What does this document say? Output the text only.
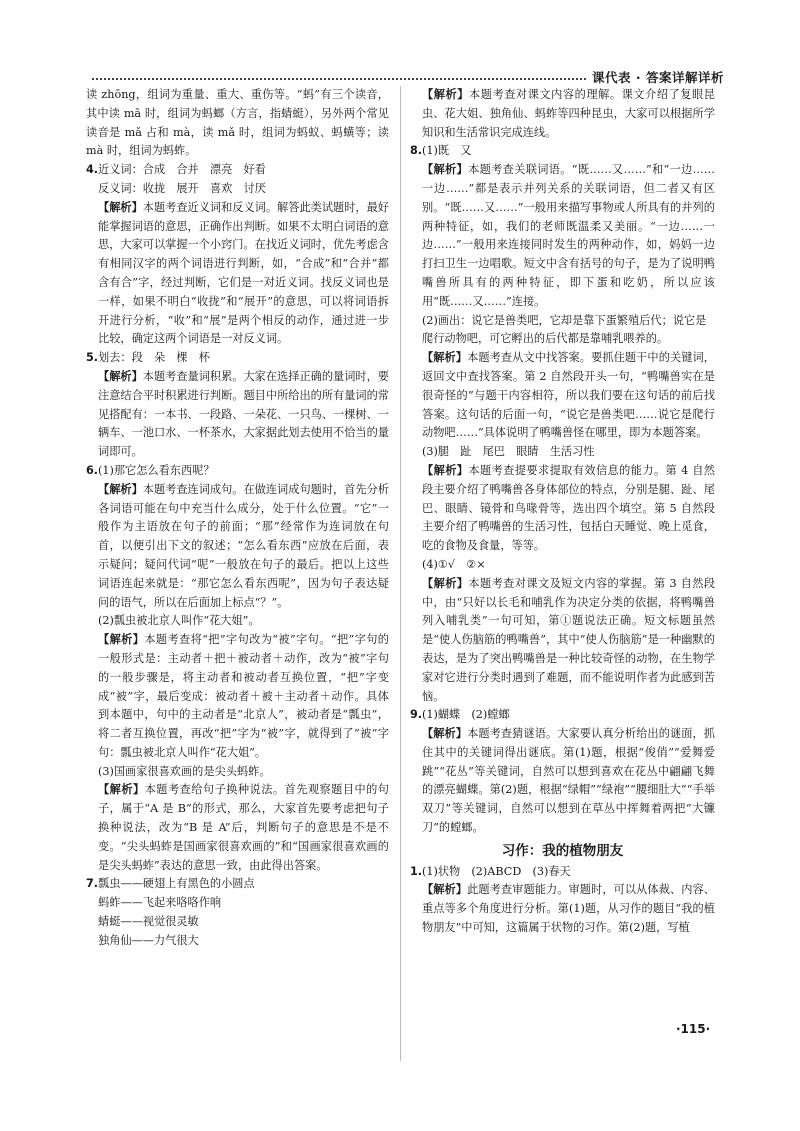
课代表 · 答案详解详析

读 zhōng，组词为重量、重大、重伤等。“蚂”有三个读音，其中读 mā 时，组词为蚂螂（方言，指蜻蜓），另外两个常见读音是 mǎ 占和 mà，读 mǎ 时，组词为蚂蚁、蚂蟥等；读 mà 时，组词为蚂蚱。

4. 近义词：合成　合并　漂亮　好看

反义词：收拢　展开　喜欢　讨厌

【解析】本题考查近义词和反义词。解答此类试题时，最好能掌握词语的意思，正确作出判断。如果不太明白词语的意思，大家可以掌握一个小窍门。在找近义词时，优先考虑含有相同汉字的两个词语进行判断，如，“合成”和“合并”都含有合”字，经过判断，它们是一对近义词。找反义词也是一样，如果不明白“收拢”和“展开”的意思，可以将词语拆开进行分析，“收”和“展”是两个相反的动作，通过进一步比较，确定这两个词语是一对反义词。

5. 划去：段　朵　棵　杯

【解析】本题考查量词积累。大家在选择正确的量词时，要注意结合平时积累进行判断。题目中所给出的所有量词的常见搭配有：一本书、一段路、一朵花、一只鸟、一棵树、一辆车、一池口水、一杯茶水，大家据此划去使用不恰当的量词即可。

6. (1)那它怎么看东西呢？

【解析】本题考查连词成句。在做连词成句题时，首先分析各词语可能在句中充当什么成分，处于什么位置。“它”一般作为主语放在句子的前面；“那”经常作为连词放在句首，以便引出下文的叙述；“怎么看东西”应放在后面，表示疑问；疑问代词“呢”一般放在句子的最后。把以上这些词语连起来就是：“那它怎么看东西呢”，因为句子表达疑问的语气，所以在后面加上标点“？”。

(2)瓢虫被北京人叫作“花大姐”。

【解析】本题考查将“把”字句改为“被”字句。“把”字句的一般形式是：主动者＋把＋被动者＋动作，改为“被”字句的一般步骤是，将主动者和被动者互换位置，“把”字变成“被”字，最后变成：被动者＋被＋主动者＋动作。具体到本题中，句中的主动者是“北京人”，被动者是“瓢虫”，将二者互换位置，再改“把”字为“被”字，就得到了“被”字句：瓢虫被北京人叫作“花大姐”。

(3)国画家很喜欢画的是尖头蚂蚱。

【解析】本题考查给句子换种说法。首先观察题目中的句子，属于“A 是 B”的形式，那么，大家首先要考虑把句子换种说法，改为“B 是 A”后，判断句子的意思是不是不变。“尖头蚂蚱是国画家很喜欢画的”和“国画家很喜欢画的是尖头蚂蚱”表达的意思一致，由此得出答案。

7. 瓢虫——硬翅上有黑色的小圆点

蚂蚱——飞起来咯咯作响

蜻蜓——视觉很灵敏

独角仙——力气很大

【解析】本题考查对课文内容的理解。课文介绍了复眼昆虫、花大姐、独角仙、蚂蚱等四种昆虫，大家可以根据所学知识和生活常识完成连线。

8. (1)既　又

【解析】本题考查关联词语。“既……又……”和“一边……一边……”都是表示并列关系的关联词语，但二者又有区别。“既……又……”一般用来描写事物或人所具有的并列的两种特征，如，我们的老师既温柔又美丽。“一边……一边……”一般用来连接同时发生的两种动作，如，妈妈一边打扫卫生一边唱歌。短文中含有括号的句子，是为了说明鸭嘴兽所具有的两种特征，即下蛋和吃奶，所以应该用“既……又……”连接。

(2)画出：说它是兽类吧，它却是靠下蛋繁殖后代；说它是爬行动物吧，可它孵出的后代都是靠哺乳喂养的。

【解析】本题考查从文中找答案。要抓住题干中的关键词，返回文中查找答案。第 2 自然段开头一句，“鸭嘴兽实在是很奇怪的”与题干内容相符，所以我们要在这句话的前后找答案。这句话的后面一句，“说它是兽类吧……说它是爬行动物吧……”具体说明了鸭嘴兽怪在哪里，即为本题答案。

(3)腿　趾　尾巴　眼睛　生活习性

【解析】本题考查提要求提取有效信息的能力。第 4 自然段主要介绍了鸭嘴兽各身体部位的特点，分别是腿、趾、尾巴、眼睛、镜骨和鸟喙骨等，选出四个填空。第 5 自然段主要介绍了鸭嘴兽的生活习性，包括白天睡觉、晚上觅食，吃的食物及食量，等等。

(4)①√　②×

【解析】本题考查对课文及短文内容的掌握。第 3 自然段中，由“只好以长毛和哺乳作为决定分类的依据，将鸭嘴兽列入哺乳类”一句可知，第①题说法正确。短文标题虽然是“使人伤脑筋的鸭嘴兽”，其中“使人伤脑筋”是一种幽默的表达，是为了突出鸭嘴兽是一种比较奇怪的动物，在生物学家对它进行分类时遇到了难题，而不能说明作者为此感到苦恼。

9. (1)蝴蝶　(2)螳螂

【解析】本题考查猜谜语。大家要认真分析给出的谜面，抓住其中的关键词得出谜底。第(1)题，根据“俊俏”“爱舞爱跳”“花丛”等关键词，自然可以想到喜欢在花丛中翩翩飞舞的漂亮蝴蝶。第(2)题，根据“绿帽”“绿袍”“腰细肚大”“手举双刀”等关键词，自然可以想到在草丛中挥舞着两把“大镰刀”的螳螂。

习作：我的植物朋友
1. (1)状物　(2)ABCD　(3)春天

【解析】此题考查审题能力。审题时，可以从体裁、内容、重点等多个角度进行分析。第(1)题，从习作的题目“我的植物朋友”中可知，这篇属于状物的习作。第(2)题，写植

·115·
